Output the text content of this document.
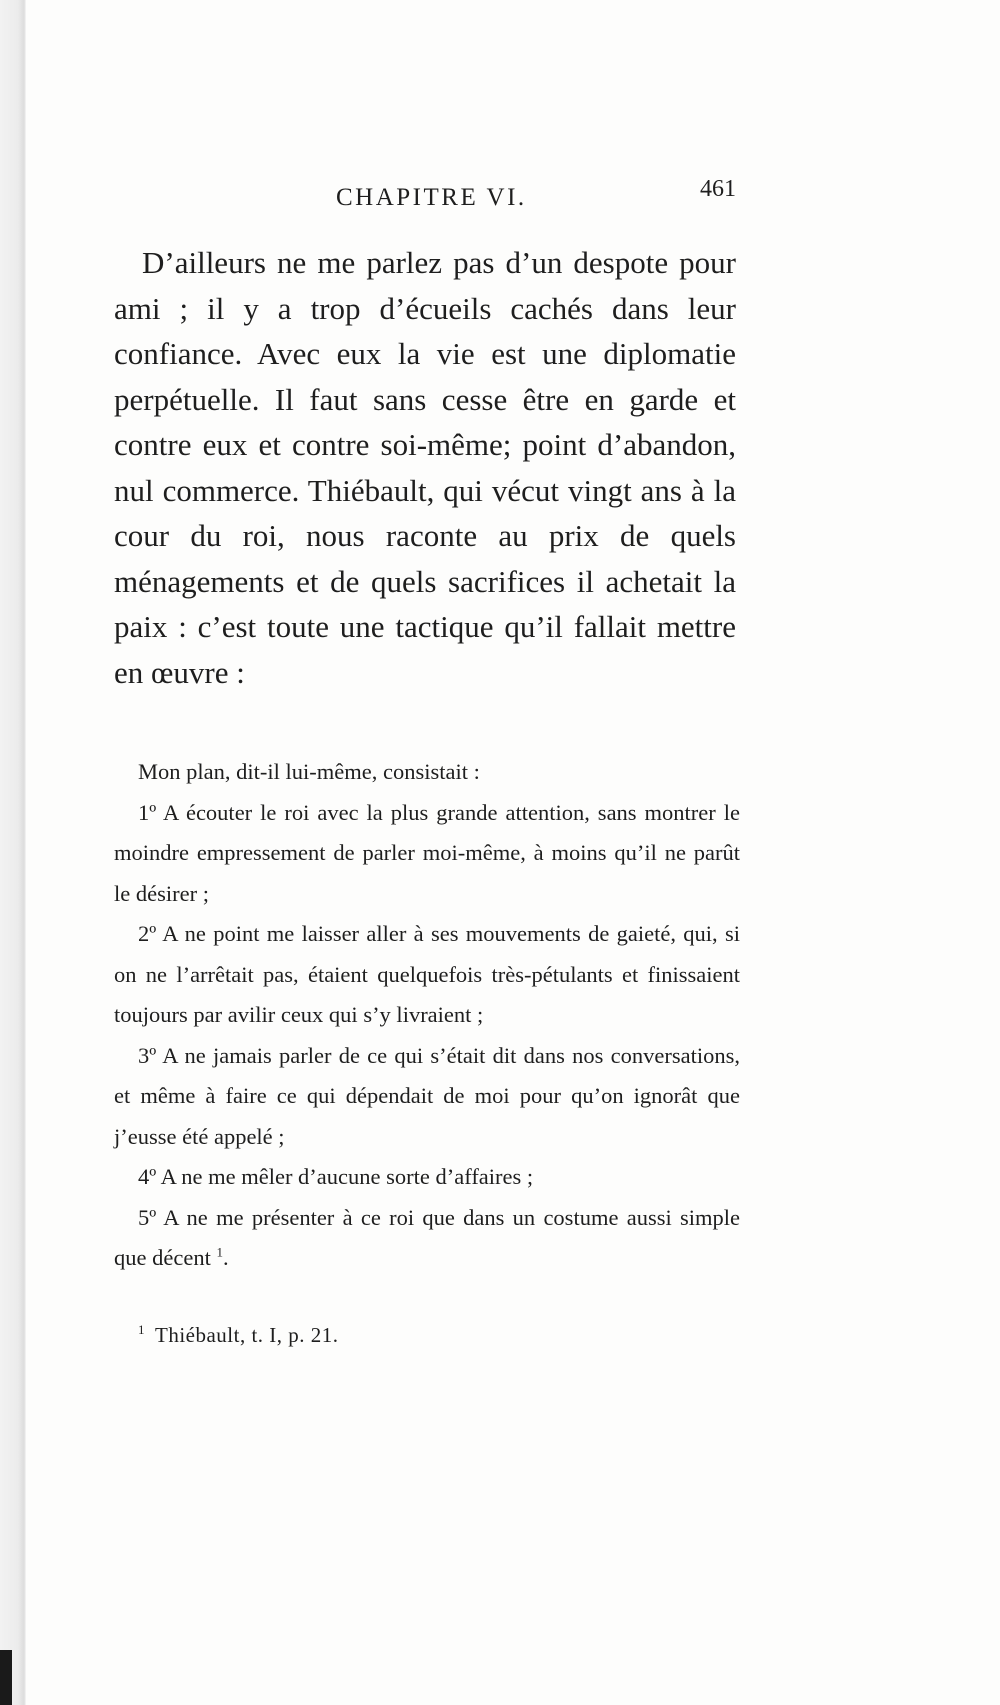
CHAPITRE VI.	461

D’ailleurs ne me parlez pas d’un despote pour ami ; il y a trop d’écueils cachés dans leur confiance. Avec eux la vie est une diplomatie perpétuelle. Il faut sans cesse être en garde et contre eux et contre soi-même; point d’abandon, nul commerce. Thiébault, qui vécut vingt ans à la cour du roi, nous raconte au prix de quels ménagements et de quels sacrifices il achetait la paix : c’est toute une tactique qu’il fallait mettre en œuvre :

Mon plan, dit-il lui-même, consistait :

1º A écouter le roi avec la plus grande attention, sans montrer le moindre empressement de parler moi-même, à moins qu’il ne parût le désirer ;

2º A ne point me laisser aller à ses mouvements de gaieté, qui, si on ne l’arrêtait pas, étaient quelquefois très-pétulants et finissaient toujours par avilir ceux qui s’y livraient ;

3º A ne jamais parler de ce qui s’était dit dans nos conversations, et même à faire ce qui dépendait de moi pour qu’on ignorât que j’eusse été appelé ;

4º A ne me mêler d’aucune sorte d’affaires ;

5º A ne me présenter à ce roi que dans un costume aussi simple que décent $^1$.

$^1$ Thiébault, t. I, p. 21.
